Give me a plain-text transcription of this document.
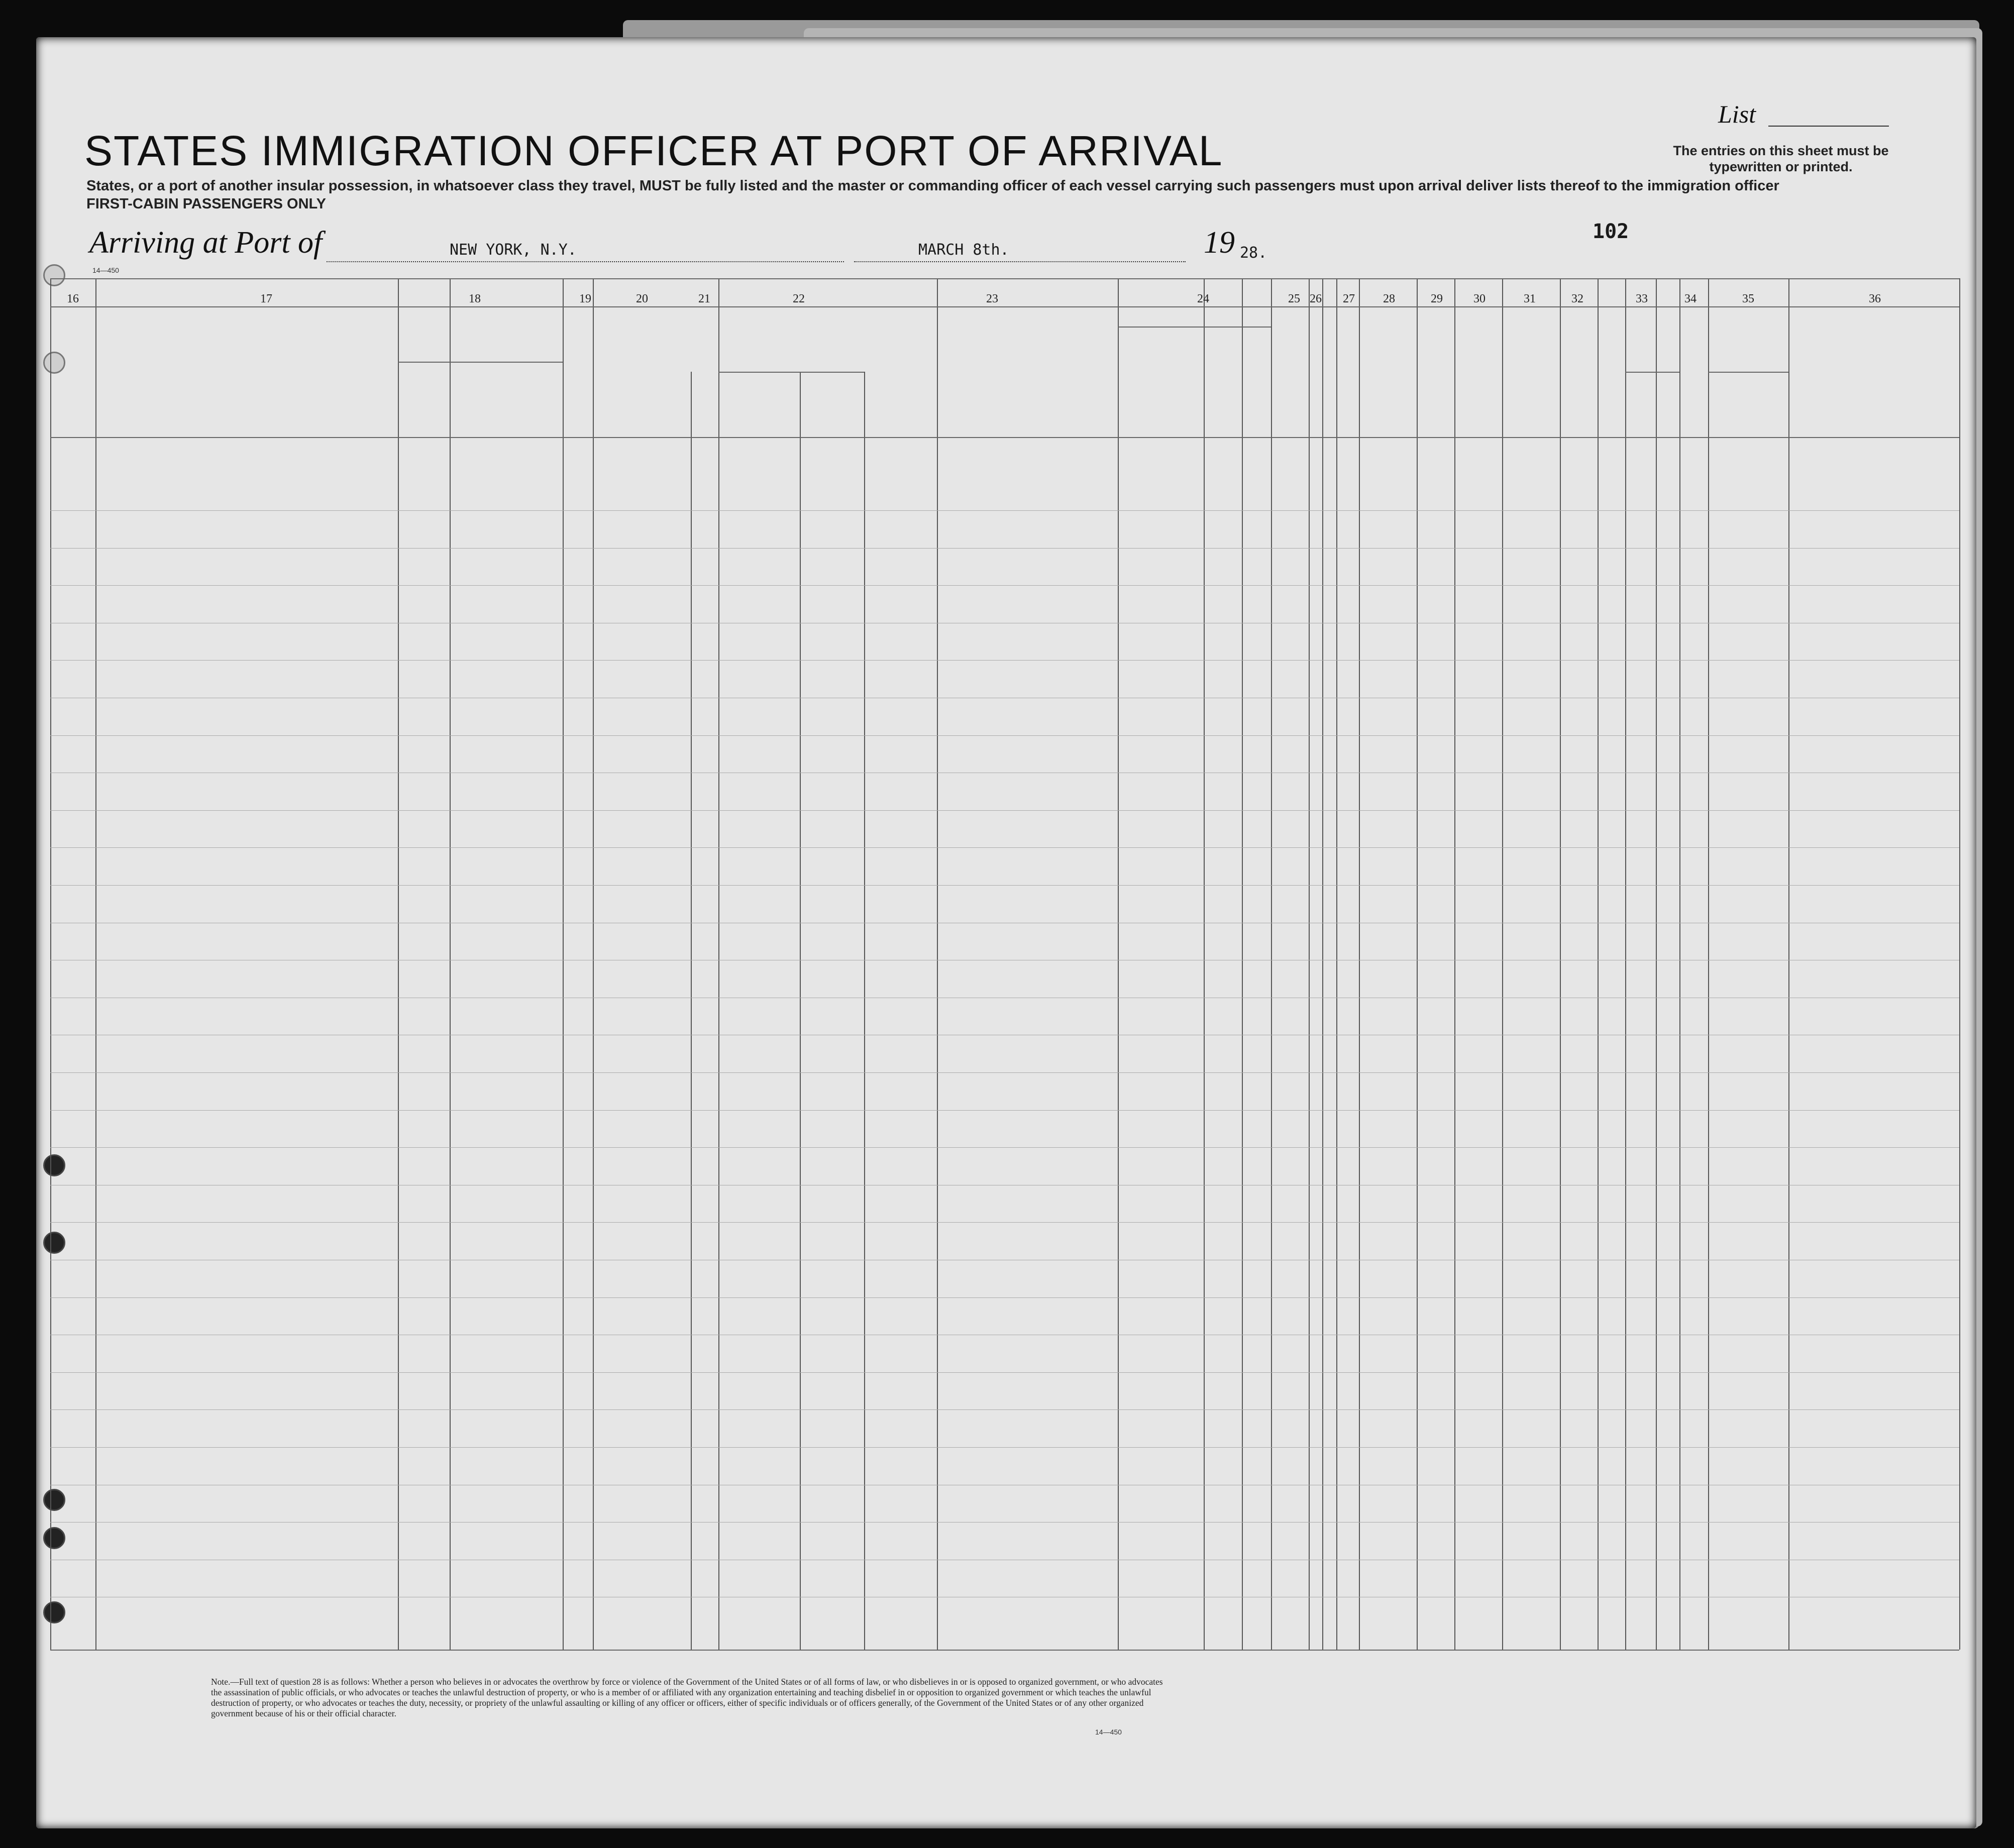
STATES IMMIGRATION OFFICER AT PORT OF ARRIVAL
States, or a port of another insular possession, in whatsoever class they travel, MUST be fully listed and the master or commanding officer of each vessel carrying such passengers must upon arrival deliver lists thereof to the immigration officer
FIRST-CABIN PASSENGERS ONLY
List
The entries on this sheet must be typewritten or printed.
Arriving at Port of	NEW YORK, N.Y.	MARCH 8th.	19 28.
102
14—450
16	17	18	19	20	21	22	23	24	25 26 27 28	29	30	31	32	33	34	35	36
Note.—Full text of question 28 is as follows: Whether a person who believes in or advocates the overthrow by force or violence of the Government of the United States or of all forms of law, or who disbelieves in or is opposed to organized government, or who advocates the assassination of public officials, or who advocates or teaches the unlawful destruction of property, or who is a member of or affiliated with any organization entertaining and teaching disbelief in or opposition to organized government or which teaches the unlawful destruction of property, or who advocates or teaches the duty, necessity, or propriety of the unlawful assaulting or killing of any officer or officers, either of specific individuals or of officers generally, of the Government of the United States or of any other organized government because of his or their official character.
14—450
